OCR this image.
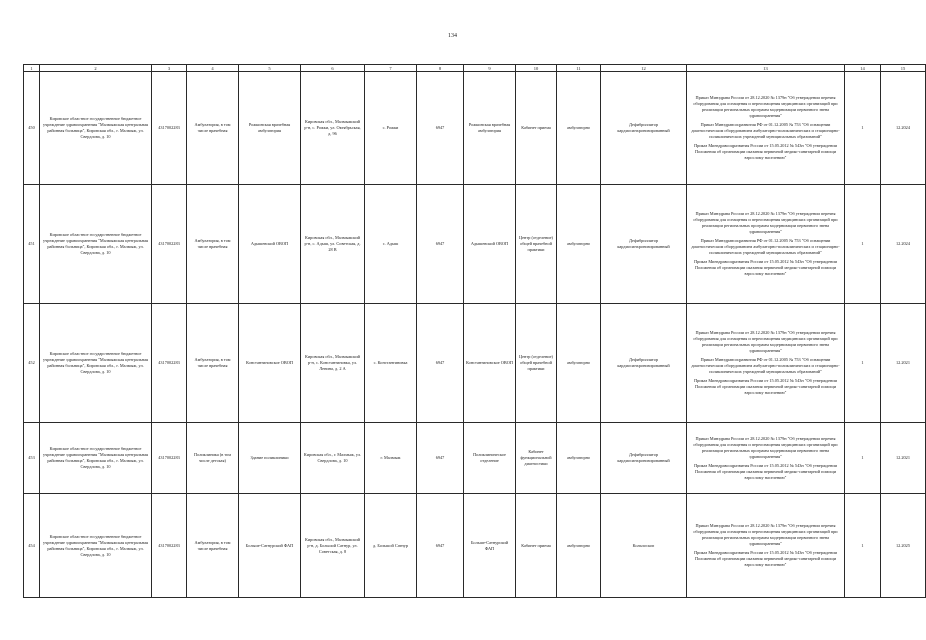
134
1	2	3	4	5	6	7	8	9	10	11	12	13	14	15
450	Кировское областное государственное бюджетное учреждение здравоохранения "Малмыжская центральная районная больница", Кировская обл., г. Малмыж, ул. Свердлова, д. 10	4317002283	Амбулатория, в том числе врачебная	Рожкинская врачебная амбулатория	Кировская обл., Малмыжский р-н, с. Рожки, ул. Октябрьская, д. 96	с. Рожки	6947	Рожкинская врачебная амбулатория	Кабинет приема	амбулаторно	Дефибриллятор кардиосинхронизированный	Приказ Минздрава России от 28.12.2020 № 1379н "Об утверждении перечня оборудования для оснащения и переоснащения медицинских организаций при реализации региональных программ модернизации первичного звена здравоохранения"
Приказ Минздравсоцразвития РФ от 01.12.2005 № 753 "Об оснащении диагностическим оборудованием амбулаторно-поликлинических и стационарно-поликлинических учреждений муниципальных образований"
Приказ Минздравсоцразвития России от 15.05.2012 № 543н "Об утверждении Положения об организации оказания первичной медико-санитарной помощи взрослому населению"	1	12.2024
451	Кировское областное государственное бюджетное учреждение здравоохранения "Малмыжская центральная районная больница", Кировская обл., г. Малмыж, ул. Свердлова, д. 10	4317002283	Амбулатория, в том числе врачебная	Адышевский ОВОП	Кировская обл., Малмыжский р-н, с. Адыш, ул. Советская, д. 28 В	с. Адыш	6947	Адышевский ОВОП	Центр (отделение) общей врачебной практики	амбулаторно	Дефибриллятор кардиосинхронизированный	Приказ Минздрава России от 28.12.2020 № 1379н "Об утверждении перечня оборудования для оснащения и переоснащения медицинских организаций при реализации региональных программ модернизации первичного звена здравоохранения"
Приказ Минздравсоцразвития РФ от 01.12.2005 № 753 "Об оснащении диагностическим оборудованием амбулаторно-поликлинических и стационарно-поликлинических учреждений муниципальных образований"
Приказ Минздравсоцразвития России от 15.05.2012 № 543н "Об утверждении Положения об организации оказания первичной медико-санитарной помощи взрослому населению"	1	12.2024
452	Кировское областное государственное бюджетное учреждение здравоохранения "Малмыжская центральная районная больница", Кировская обл., г. Малмыж, ул. Свердлова, д. 10	4317002283	Амбулатория, в том числе врачебная	Константиновское ОВОП	Кировская обл., Малмыжский р-н, с. Константиновка, ул. Ленина, д. 2 А	с. Константиновка	6947	Константиновское ОВОП	Центр (отделение) общей врачебной практики	амбулаторно	Дефибриллятор кардиосинхронизированный	Приказ Минздрава России от 28.12.2020 № 1379н "Об утверждении перечня оборудования для оснащения и переоснащения медицинских организаций при реализации региональных программ модернизации первичного звена здравоохранения"
Приказ Минздравсоцразвития РФ от 01.12.2005 № 753 "Об оснащении диагностическим оборудованием амбулаторно-поликлинических и стационарно-поликлинических учреждений муниципальных образований"
Приказ Минздравсоцразвития России от 15.05.2012 № 543н "Об утверждении Положения об организации оказания первичной медико-санитарной помощи взрослому населению"	1	12.2021
453	Кировское областное государственное бюджетное учреждение здравоохранения "Малмыжская центральная районная больница", Кировская обл., г. Малмыж, ул. Свердлова, д. 10	4317002283	Поликлиника (в том числе детская)	Здание поликлиники	Кировская обл., г. Малмыж, ул. Свердлова, д. 10	г. Малмыж	6947	Поликлиническое отделение	Кабинет функциональной диагностики	амбулаторно	Дефибриллятор кардиосинхронизированный	Приказ Минздрава России от 28.12.2020 № 1379н "Об утверждении перечня оборудования для оснащения и переоснащения медицинских организаций при реализации региональных программ модернизации первичного звена здравоохранения"
Приказ Минздравсоцразвития России от 15.05.2012 № 543н "Об утверждении Положения об организации оказания первичной медико-санитарной помощи взрослому населению"	1	12.2021
454	Кировское областное государственное бюджетное учреждение здравоохранения "Малмыжская центральная районная больница", Кировская обл., г. Малмыж, ул. Свердлова, д. 10	4317002283	Амбулатория, в том числе врачебная	Больше-Сатнурский ФАП	Кировская обл., Малмыжский р-н, д. Большой Сатнур, ул. Советская, д. 8	д. Большой Сатнур	6947	Больше-Сатнурский ФАП	Кабинет приема	амбулаторно	Кольпоскоп	Приказ Минздрава России от 28.12.2020 № 1379н "Об утверждении перечня оборудования для оснащения и переоснащения медицинских организаций при реализации региональных программ модернизации первичного звена здравоохранения"
Приказ Минздравсоцразвития России от 15.05.2012 № 543н "Об утверждении Положения об организации оказания первичной медико-санитарной помощи взрослому населению"	1	12.2025
